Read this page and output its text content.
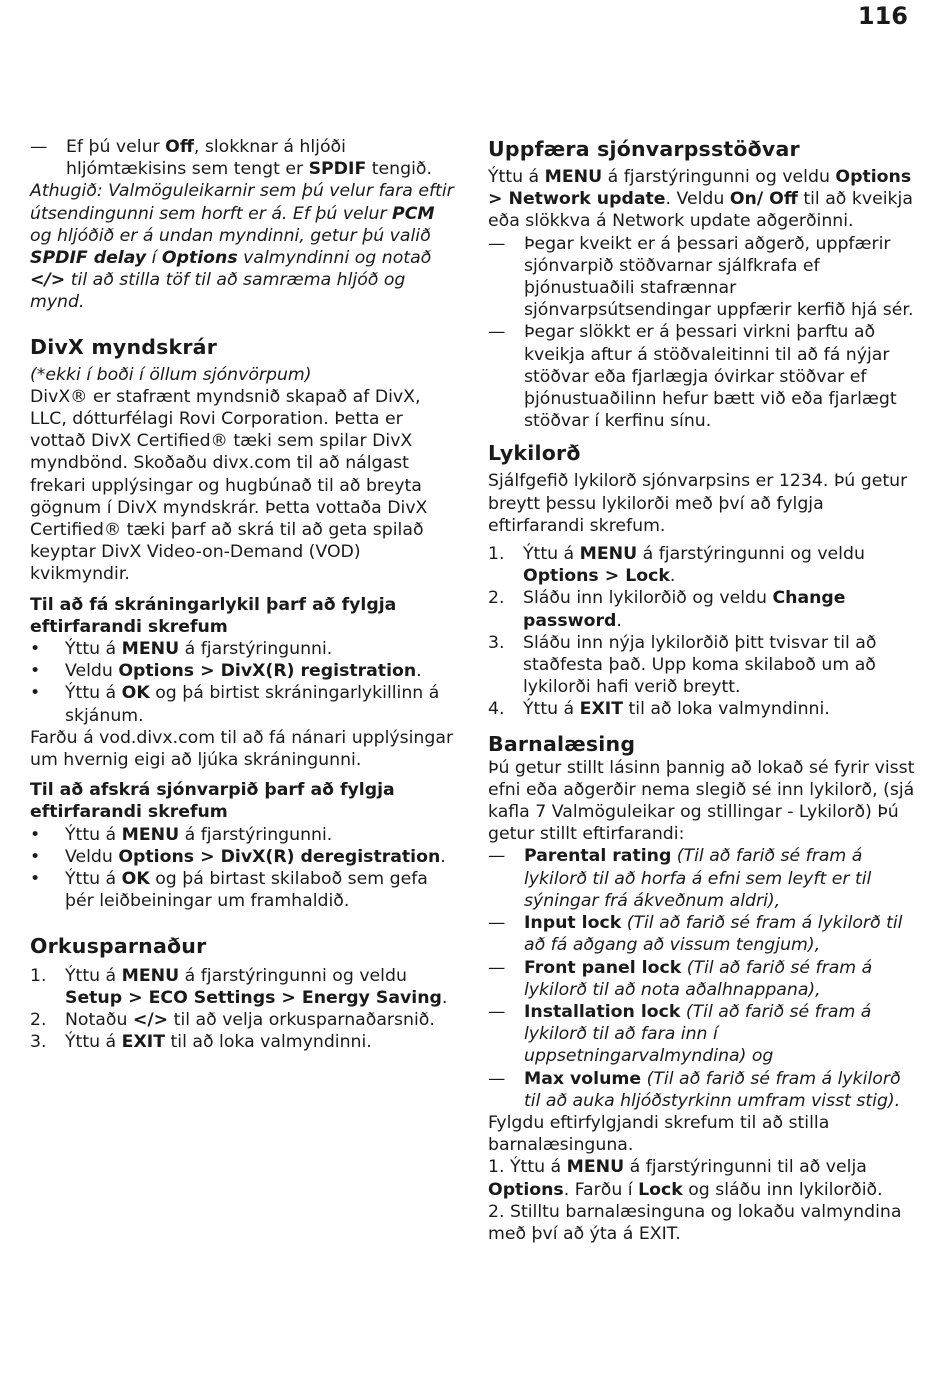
116
—	Ef þú velur Off, slokknar á hljóði hljómtækisins sem tengt er SPDIF tengið.

Athugið: Valmöguleikarnir sem þú velur fara eftir útsendingunni sem horft er á. Ef þú velur PCM og hljóðið er á undan myndinni, getur þú valið SPDIF delay í Options valmyndinni og notað </> til að stilla töf til að samræma hljóð og mynd.

DivX myndskrár

(*ekki í boði í öllum sjónvörpum)

DivX® er stafrænt myndsnið skapað af DivX, LLC, dótturfélagi Rovi Corporation. Þetta er vottað DivX Certified® tæki sem spilar DivX myndbönd. Skoðaðu divx.com til að nálgast frekari upplýsingar og hugbúnað til að breyta gögnum í DivX myndskrár. Þetta vottaða DivX Certified® tæki þarf að skrá til að geta spilað keyptar DivX Video-on-Demand (VOD) kvikmyndir.

Til að fá skráningarlykil þarf að fylgja eftirfarandi skrefum

•	Ýttu á MENU á fjarstýringunni.

•	Veldu Options > DivX(R) registration.

•	Ýttu á OK og þá birtist skráningarlykillinn á skjánum.

Farðu á vod.divx.com til að fá nánari upplýsingar um hvernig eigi að ljúka skráningunni.

Til að afskrá sjónvarpið þarf að fylgja eftirfarandi skrefum

•	Ýttu á MENU á fjarstýringunni.

•	Veldu Options > DivX(R) deregistration.

•	Ýttu á OK og þá birtast skilaboð sem gefa þér leiðbeiningar um framhaldið.

Orkusparnaður
1.	Ýttu á MENU á fjarstýringunni og veldu Setup > ECO Settings > Energy Saving.

2.	Notaðu </> til að velja orkusparnaðarsnið.

3.	Ýttu á EXIT til að loka valmyndinni.

Uppfæra sjónvarpsstöðvar

Ýttu á MENU á fjarstýringunni og veldu Options > Network update. Veldu On/ Off til að kveikja eða slökkva á Network update aðgerðinni.

—	Þegar kveikt er á þessari aðgerð, uppfærir sjónvarpið stöðvarnar sjálfkrafa ef þjónustuaðili stafrænnar sjónvarpsútsendingar uppfærir kerfið hjá sér.

—	Þegar slökkt er á þessari virkni þarftu að kveikja aftur á stöðvaleitinni til að fá nýjar stöðvar eða fjarlægja óvirkar stöðvar ef þjónustuaðilinn hefur bætt við eða fjarlægt stöðvar í kerfinu sínu.

Lykilorð

Sjálfgefið lykilorð sjónvarpsins er 1234. Þú getur breytt þessu lykilorði með því að fylgja eftirfarandi skrefum.

1.	Ýttu á MENU á fjarstýringunni og veldu Options > Lock.

2.	Sláðu inn lykilorðið og veldu Change password.

3.	Sláðu inn nýja lykilorðið þitt tvisvar til að staðfesta það. Upp koma skilaboð um að lykilorði hafi verið breytt.

4.	Ýttu á EXIT til að loka valmyndinni.

Barnalæsing

Þú getur stillt lásinn þannig að lokað sé fyrir visst efni eða aðgerðir nema slegið sé inn lykilorð, (sjá kafla 7 Valmöguleikar og stillingar - Lykilorð) Þú getur stillt eftirfarandi:

—	Parental rating (Til að farið sé fram á lykilorð til að horfa á efni sem leyft er til sýningar frá ákveðnum aldri),

—	Input lock (Til að farið sé fram á lykilorð til að fá aðgang að vissum tengjum),

—	Front panel lock (Til að farið sé fram á lykilorð til að nota aðalhnappana),

—	Installation lock (Til að farið sé fram á lykilorð til að fara inn í uppsetningarvalmyndina) og

—	Max volume (Til að farið sé fram á lykilorð til að auka hljóðstyrkinn umfram visst stig).

Fylgdu eftirfylgjandi skrefum til að stilla barnalæsinguna.

1. Ýttu á MENU á fjarstýringunni til að velja Options. Farðu í Lock og sláðu inn lykilorðið.

2. Stilltu barnalæsinguna og lokaðu valmyndina með því að ýta á EXIT.
